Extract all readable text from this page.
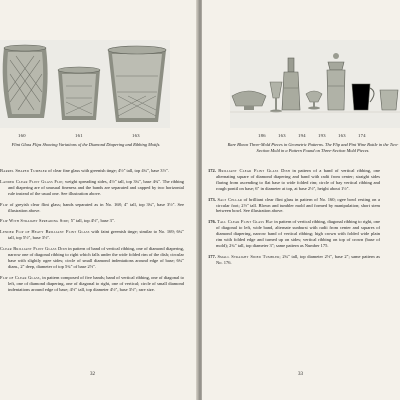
160	161	163
Flint Glass Flips Showing Variations of the Diamond Diapering and Ribbing Motifs.

Barrel Shaped Tumbler of clear fine glass with greenish tinge; 4½" tall, top 4¾", base 3½".

Lander Clear Flint Glass Flip; weight spreading sides, 4½" tall, top 3¾", base 4¾". The ribbing and diapering are of unusual fineness and the bands are separated and capped by two horizontal rule instead of the usual one. See illustration above.

Flip of greyish clear flint glass; bands separated as in No. 168; 4" tall, top 3¾", base 3½". See illustration above.

Flip With Straight Spreading Side; 5" tall, top 4½", base 3".

Lender Flip of Heavy Brilliant Flint Glass with faint greenish tinge; similar to No. 169; 6¾" tall, top 5½", base 3½".

Clear Brilliant Flint Glass Dish in pattern of band of vertical ribbing, one of diamond diapering, narrow one of diagonal ribbing to right which falls under the wide folded rim of the dish; circular base with slightly ogee sides; circle of small diamond indentations around edge of base; 6¾" diam., 2" deep, diameter of top 5¾" of base 2½".

Flip of Clear Glass, in pattern composed of five bands; band of vertical ribbing, one of diagonal to left, one of diamond diapering, one of diagonal to right, one of vertical; circle of small diamond indentations around edge of base; 4½" tall, top diameter 4½", base 3½"; rare size.

32
186	163	194	193	163	174
Rare Blown Three-Mold Pieces in Geometric Patterns. The Flip and Pint Wine Bottle in the Two-Section Mold in a Pattern Found on Three-Section Mold Pieces.

172. Brilliant Clear Flint Glass Dish in pattern of a band of vertical ribbing, one alternating square of diamond diapering and band with radii from center; straight sides flaring from ascending to flat base to wide folded rim; circle of bay vertical ribbing and rough pontil on base; 6" in diameter at top, at base 2½", height about 1½".

173. Salt Cellar of brilliant clear flint glass in pattern of No. 160; ogee bowl resting on a circular foot; 2½" tall. Blown and tumbler mold and formed by manipulation; short stem between bowl. See illustration above.

176. Tall Clear Flint Glass Hat in pattern of vertical ribbing, diagonal ribbing to right, one of diagonal to left, wide band, alternate sunburst with radii from center and squares of diamond diapering, narrow band of vertical ribbing; high crown with folded wide plain rim with folded edge and turned up on sides; vertical ribbing on top of crown (base of mold); 2¾" tall, top diameter 3"; same pattern as Number 175.

177. Small Straight Sided Tumbler; 2¾" tall, top diameter 2½", base 2"; same pattern as No. 176.

33
